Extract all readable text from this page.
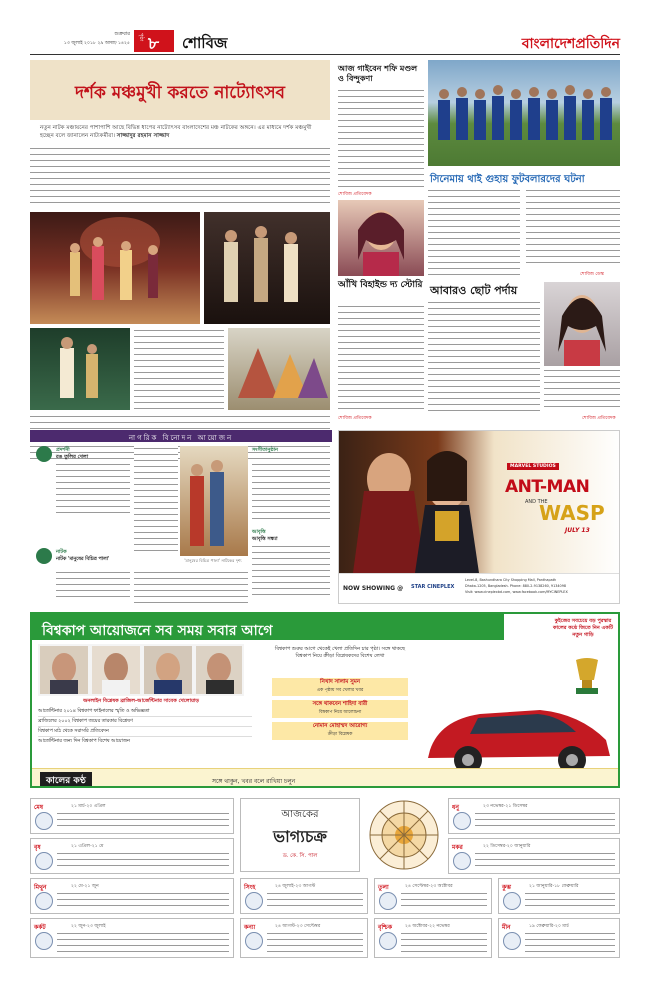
শুক্রবার
১৩ জুলাই ২০১৮ ২৯ আষাঢ় ১৪২৫
পৃষ্ঠা ৮ শোবিজ	বাংলাদেশপ্রতিদিন
দর্শক মঞ্চমুখী করতে নাট্যোৎসব
নতুন নাটক মঞ্চায়নের পাশাপাশি আছে বিভিন্ন ধাপের নাট্যোৎসব বাংলাদেশের মঞ্চ নাটকের অঙ্গনে। এর মাধ্যমে দর্শক মঞ্চমুখী হচ্ছেন বলে জানালেন নাট্যকর্মীরা। সাজ্জাদুর রহমান সাজ্জাদ
আজ গাইবেন শফি মণ্ডল ও বিন্দুকণা
শোবিজ প্রতিবেদক
সিনেমায় থাই গুহায় ফুটবলারদের ঘটনা
শোবিজ ডেস্ক
আঁখি বিহাইন্ড দ্য স্টোরি
শোবিজ প্রতিবেদক
আবারও ছোট পর্দায়
শোবিজ প্রতিবেদক
নাগরিক বিনোদন আয়োজন
প্রদর্শনী
রঙ তুলির খেলা
নাটক
নাটক 'মানুষের বিচিত্র পালা'	'মানুষের বিচিত্র পালা' নাটকের দৃশ্য
সংগীতানুষ্ঠান
আবৃত্তি
আবৃত্তি সন্ধ্যা
MARVEL STUDIOS
ANT-MAN
AND THE
WASP
JULY 13
NOW SHOWING @ STAR CINEPLEX
Level-8, Bashundhara City Shopping Mall, Panthapath
Dhaka-1205, Bangladesh. Phone: 880-2-9138260, 9134098
Visit: www.cineplexbd.com, www.facebook.com/MYCINEPLEX
বিশ্বকাপ আয়োজনে সব সময় সবার আগে
অনলাইন বিশ্লেষক ব্রাজিল-আর্জেন্টিনার সাবেক খেলোয়াড়
আর্জেন্টিনার ২০১৪ বিশ্বকাপ ফাইনালের স্মৃতি ও অভিজ্ঞতা
ব্রাজিলের ২০০২ বিশ্বকাপ জয়ের তারকার বিশ্লেষণ
বিশ্বকাপ মাঠ থেকে সরাসরি প্রতিবেদন
আর্জেন্টিনার জন্য দিন বিশ্বকাপ বিশেষ আয়োজন
বিশ্বকাপ শুরুর আগে থেকেই খেলা প্রতিদিন চার পৃষ্ঠা। সঙ্গে থাকছে বিশ্বকাপ নিয়ে ক্রীড়া বিশ্লেষকদের বিশেষ লেখা
নিখাদ সালাম সুমন
এক পৃষ্ঠায় সব খেলার খবর
সঙ্গে থাকবেন শাহিদা বারী
বিশ্বকাপ নিয়ে আলোচনা
নোমান মোহাম্মদ আরোগ্য
ক্রীড়া বিশ্লেষক
কুইজের সবচেয়ে বড় পুরস্কার কালের কণ্ঠে জিতে নিন একটি নতুন গাড়ি
কালের কণ্ঠ	সঙ্গে থাকুন, খবর বলে রাখিয়া চলুন
মেষ	২১ মার্চ-২০ এপ্রিল
বৃষ	২১ এপ্রিল-২১ মে
মিথুন	২২ মে-২১ জুন
কর্কট	২২ জুন-২৩ জুলাই
আজকের
ভাগ্যচক্র
ড. কে. সি. পাল
সিংহ	২৪ জুলাই-২৩ আগস্ট
কন্যা	২৪ আগস্ট-২৩ সেপ্টেম্বর
তুলা	২৪ সেপ্টেম্বর-২৩ অক্টোবর
বৃশ্চিক	২৪ অক্টোবর-২২ নভেম্বর
ধনু	২৩ নভেম্বর-২১ ডিসেম্বর
মকর	২২ ডিসেম্বর-২০ জানুয়ারি
কুম্ভ	২১ জানুয়ারি-১৮ ফেব্রুয়ারি
মীন	১৯ ফেব্রুয়ারি-২০ মার্চ
